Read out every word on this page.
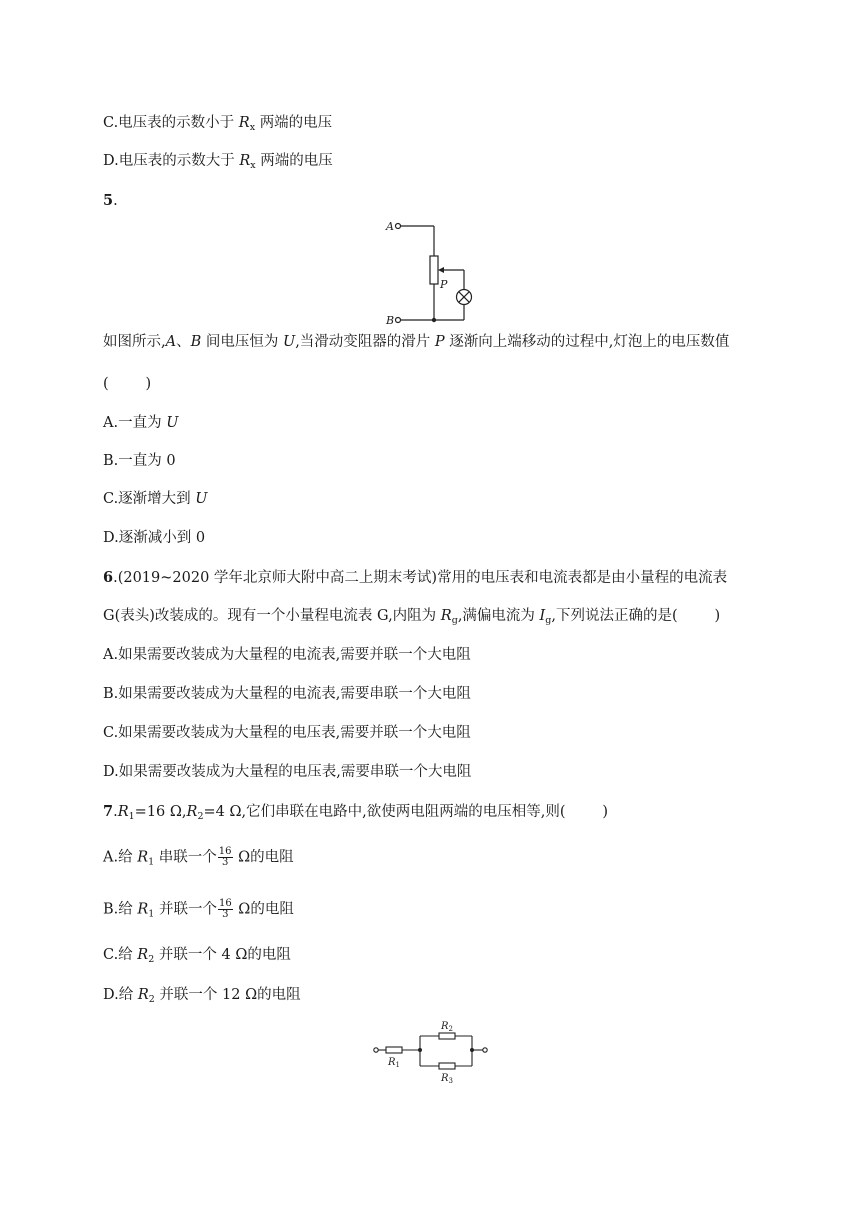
C.电压表的示数小于 $R_x$ 两端的电压
D.电压表的示数大于 $R_x$ 两端的电压
5.
A
B
P
如图所示,A、B 间电压恒为 U,当滑动变阻器的滑片 P 逐渐向上端移动的过程中,灯泡上的电压数值
(        )
A.一直为 U
B.一直为 0
C.逐渐增大到 U
D.逐渐减小到 0
6.(2019~2020 学年北京师大附中高二上期末考试)常用的电压表和电流表都是由小量程的电流表
G(表头)改装成的。现有一个小量程电流表 G,内阻为 $R_g$,满偏电流为 $I_g$,下列说法正确的是(        )
A.如果需要改装成为大量程的电流表,需要并联一个大电阻
B.如果需要改装成为大量程的电流表,需要串联一个大电阻
C.如果需要改装成为大量程的电压表,需要并联一个大电阻
D.如果需要改装成为大量程的电压表,需要串联一个大电阻
$7.R_1=16$ $\Omega,R_2=4$ Ω,它们串联在电路中,欲使两电阻两端的电压相等,则(        )
A.给 $R_1$ 串联一个 $\frac{16}{3}$ Ω的电阻
B.给 $R_1$ 并联一个 $\frac{16}{3}$ Ω的电阻
C.给 $R_2$ 并联一个 4 Ω的电阻
D.给 $R_2$ 并联一个 12 Ω的电阻
$R_1$
$R_2$
$R_3$
